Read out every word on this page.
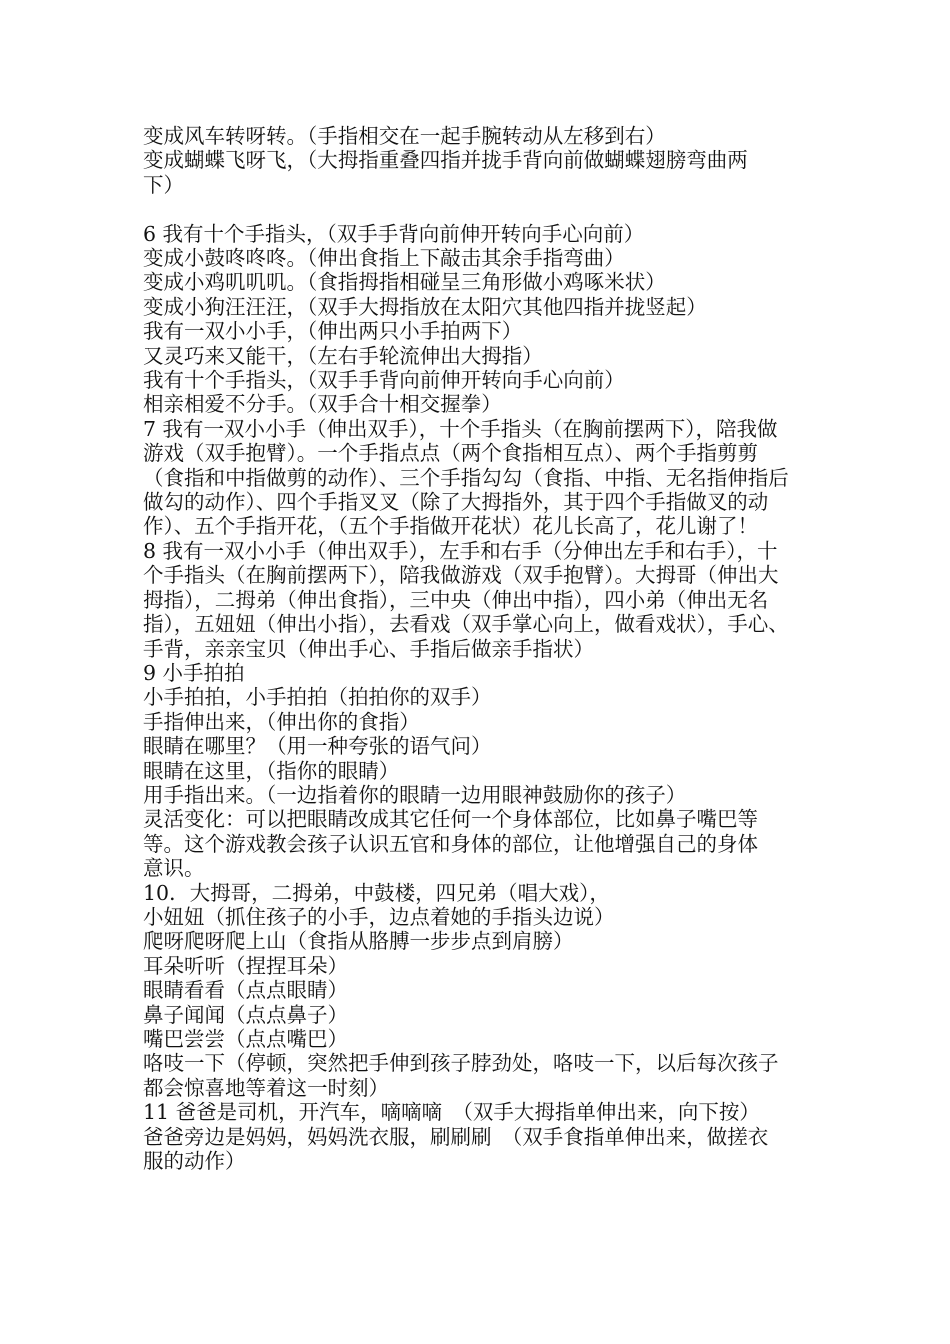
变成风车转呀转。（手指相交在一起手腕转动从左移到右）
变成蝴蝶飞呀飞，（大拇指重叠四指并拢手背向前做蝴蝶翅膀弯曲两
下）
6 我有十个手指头，（双手手背向前伸开转向手心向前）
变成小鼓咚咚咚。（伸出食指上下敲击其余手指弯曲）
变成小鸡叽叽叽。（食指拇指相碰呈三角形做小鸡啄米状）
变成小狗汪汪汪，（双手大拇指放在太阳穴其他四指并拢竖起）
我有一双小小手，（伸出两只小手拍两下）
又灵巧来又能干，（左右手轮流伸出大拇指）
我有十个手指头，（双手手背向前伸开转向手心向前）
相亲相爱不分手。（双手合十相交握拳）
7 我有一双小小手（伸出双手），十个手指头（在胸前摆两下），陪我做
游戏（双手抱臂）。一个手指点点（两个食指相互点）、两个手指剪剪
（食指和中指做剪的动作）、三个手指勾勾（食指、中指、无名指伸指后
做勾的动作）、四个手指叉叉（除了大拇指外，其于四个手指做叉的动
作）、五个手指开花，（五个手指做开花状）花儿长高了，花儿谢了！
8 我有一双小小手（伸出双手），左手和右手（分伸出左手和右手），十
个手指头（在胸前摆两下），陪我做游戏（双手抱臂）。大拇哥（伸出大
拇指），二拇弟（伸出食指），三中央（伸出中指），四小弟（伸出无名
指），五妞妞（伸出小指），去看戏（双手掌心向上，做看戏状），手心、
手背，亲亲宝贝（伸出手心、手指后做亲手指状）
9 小手拍拍
小手拍拍，小手拍拍（拍拍你的双手）
手指伸出来，（伸出你的食指）
眼睛在哪里？（用一种夸张的语气问）
眼睛在这里，（指你的眼睛）
用手指出来。（一边指着你的眼睛一边用眼神鼓励你的孩子）
灵活变化：可以把眼睛改成其它任何一个身体部位，比如鼻子嘴巴等
等。这个游戏教会孩子认识五官和身体的部位，让他增强自己的身体
意识。
10．大拇哥，二拇弟，中鼓楼，四兄弟（唱大戏），
小妞妞（抓住孩子的小手，边点着她的手指头边说）
爬呀爬呀爬上山（食指从胳膊一步步点到肩膀）
耳朵听听（捏捏耳朵）
眼睛看看（点点眼睛）
鼻子闻闻（点点鼻子）
嘴巴尝尝（点点嘴巴）
咯吱一下（停顿，突然把手伸到孩子脖劲处，咯吱一下，以后每次孩子
都会惊喜地等着这一时刻）
11 爸爸是司机，开汽车，嘀嘀嘀　（双手大拇指单伸出来，向下按）
爸爸旁边是妈妈，妈妈洗衣服，刷刷刷　（双手食指单伸出来，做搓衣
服的动作）
